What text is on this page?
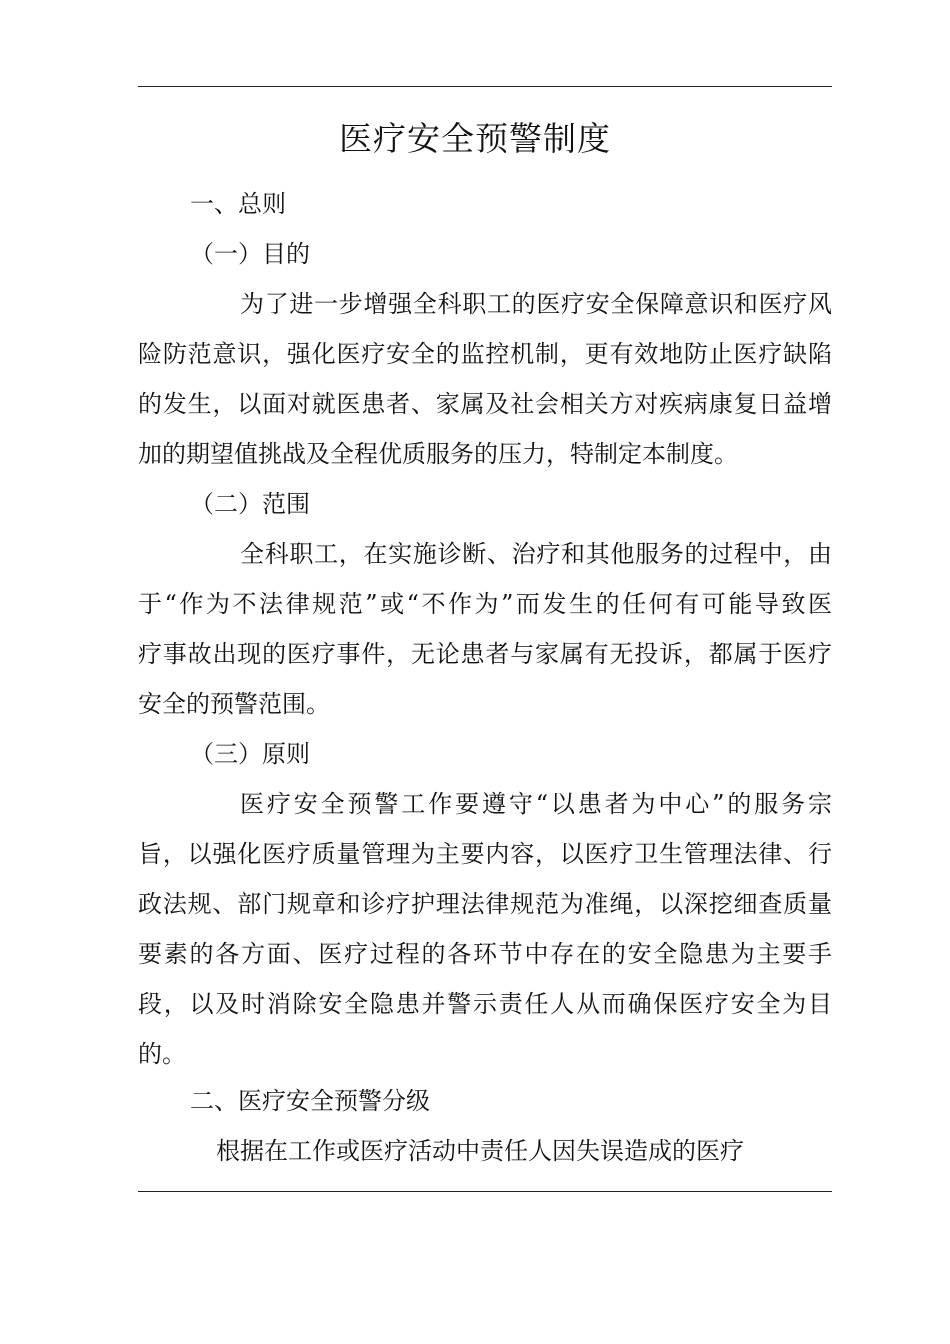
医疗安全预警制度
一、总则
（一）目的
为了进一步增强全科职工的医疗安全保障意识和医疗风
险防范意识，强化医疗安全的监控机制，更有效地防止医疗缺陷
的发生，以面对就医患者、家属及社会相关方对疾病康复日益增
加的期望值挑战及全程优质服务的压力，特制定本制度。
（二）范围
全科职工，在实施诊断、治疗和其他服务的过程中，由
于“作为不法律规范”或“不作为”而发生的任何有可能导致医
疗事故出现的医疗事件，无论患者与家属有无投诉，都属于医疗
安全的预警范围。
（三）原则
医疗安全预警工作要遵守“以患者为中心”的服务宗
旨，以强化医疗质量管理为主要内容，以医疗卫生管理法律、行
政法规、部门规章和诊疗护理法律规范为准绳，以深挖细查质量
要素的各方面、医疗过程的各环节中存在的安全隐患为主要手
段，以及时消除安全隐患并警示责任人从而确保医疗安全为目
的。
二、医疗安全预警分级
根据在工作或医疗活动中责任人因失误造成的医疗
